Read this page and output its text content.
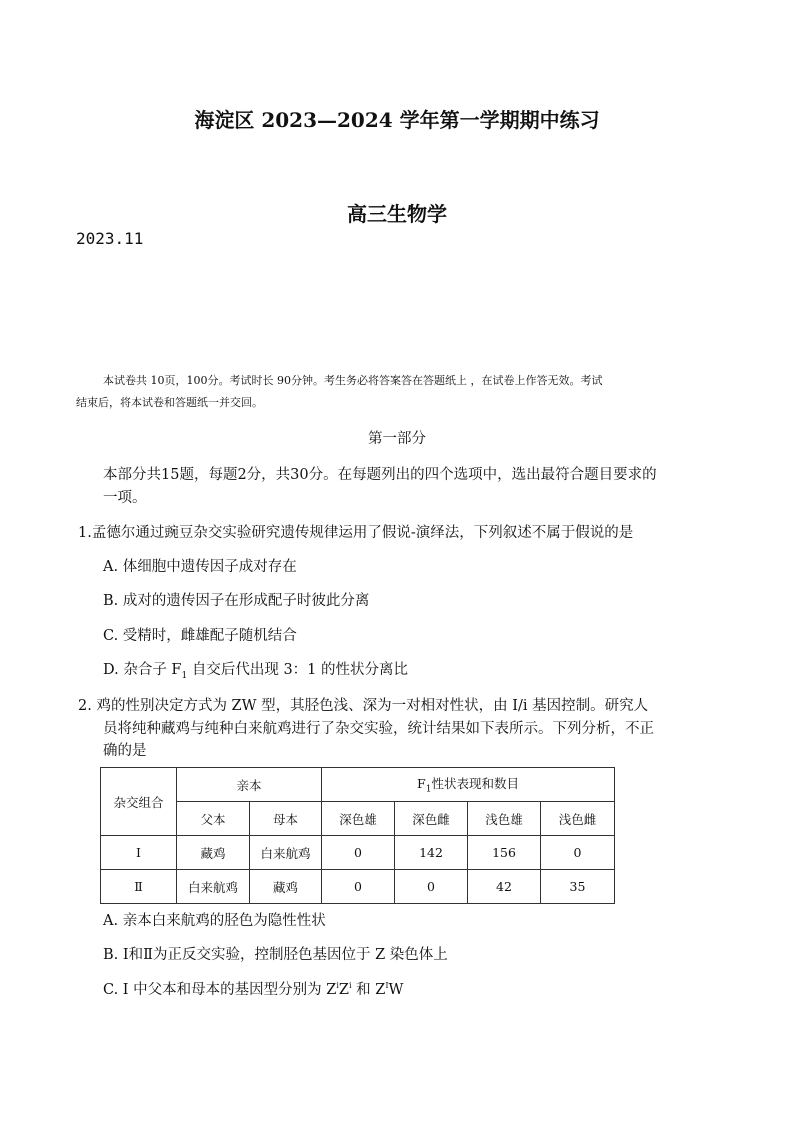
海淀区 2023—2024 学年第一学期期中练习
高三生物学
2023.11
本试卷共 10页，100分。考试时长 90分钟。考生务必将答案答在答题纸上 ，在试卷上作答无效。考试
结束后，将本试卷和答题纸一并交回。
第一部分
本部分共15题，每题2分，共30分。在每题列出的四个选项中，选出最符合题目要求的
一项。
1.孟德尔通过豌豆杂交实验研究遗传规律运用了假说-演绎法，下列叙述不属于假说的是
A. 体细胞中遗传因子成对存在
B. 成对的遗传因子在形成配子时彼此分离
C. 受精时，雌雄配子随机结合
D. 杂合子 $F_1$ 自交后代出现 3：1 的性状分离比
2. 鸡的性别决定方式为 ZW 型，其胫色浅、深为一对相对性状，由 I/i 基因控制。研究人
员将纯种藏鸡与纯种白来航鸡进行了杂交实验，统计结果如下表所示。下列分析，不正
确的是
杂交组合	亲本		$F_1$性状表现和数目			
	父本	母本	深色雄	深色雌	浅色雄	浅色雌
I	藏鸡	白来航鸡	0	142	156	0
Ⅱ	白来航鸡	藏鸡	0	0	42	35
A. 亲本白来航鸡的胫色为隐性性状
B. Ⅰ和Ⅱ为正反交实验，控制胫色基因位于 Z 染色体上
C. I 中父本和母本的基因型分别为 $Z^iZ^i$ 和 $Z^IW$
